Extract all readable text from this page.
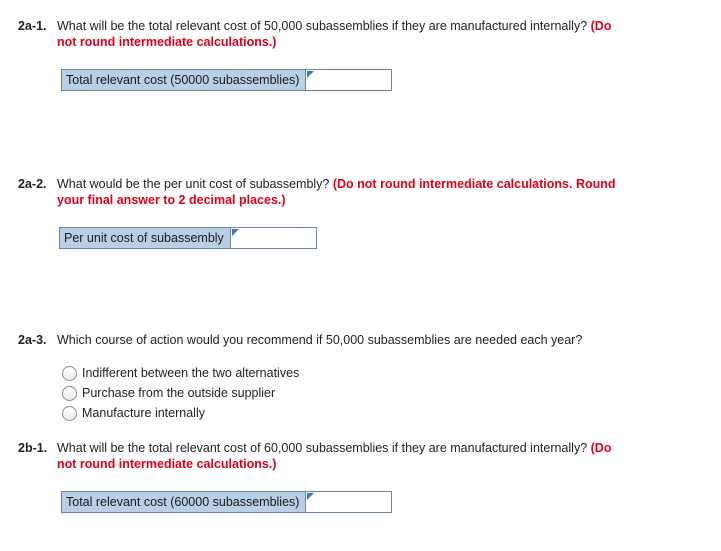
2a-1. What will be the total relevant cost of 50,000 subassemblies if they are manufactured internally? (Do
not round intermediate calculations.)
Total relevant cost (50000 subassemblies)
2a-2. What would be the per unit cost of subassembly? (Do not round intermediate calculations. Round
your final answer to 2 decimal places.)
Per unit cost of subassembly
2a-3. Which course of action would you recommend if 50,000 subassemblies are needed each year?
Indifferent between the two alternatives
Purchase from the outside supplier
Manufacture internally
2b-1. What will be the total relevant cost of 60,000 subassemblies if they are manufactured internally? (Do
not round intermediate calculations.)
Total relevant cost (60000 subassemblies)
